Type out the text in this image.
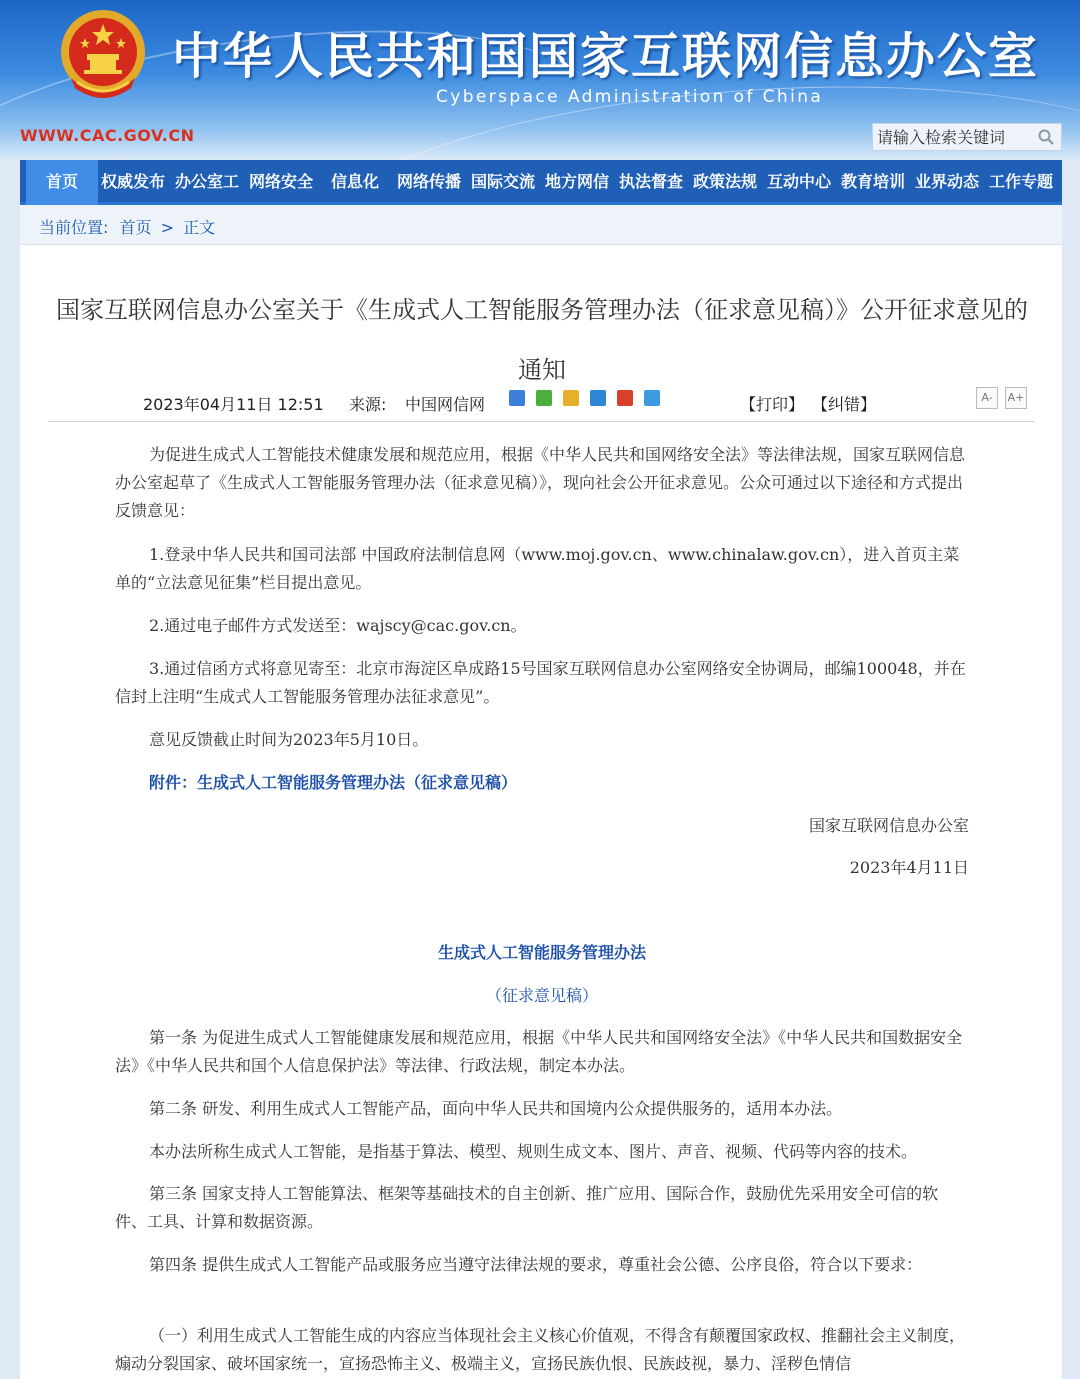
中华人民共和国国家互联网信息办公室
Cyberspace Administration of China
WWW.CAC.GOV.CN
请输入检索关键词
首页	权威发布 办公室工 网络安全 信息化 网络传播 国际交流 地方网信 执法督查 政策法规 互动中心 教育培训 业界动态 工作专题
当前位置: 首页 > 正文
国家互联网信息办公室关于《生成式人工智能服务管理办法（征求意见稿）》公开征求意见的通知
2023年04月11日 12:51 来源: 中国网信网
	【打印】 【纠错】	A-	A+
为促进生成式人工智能技术健康发展和规范应用，根据《中华人民共和国网络安全法》等法律法规，国家互联网信息办公室起草了《生成式人工智能服务管理办法（征求意见稿）》，现向社会公开征求意见。公众可通过以下途径和方式提出反馈意见：
1.登录中华人民共和国司法部 中国政府法制信息网（www.moj.gov.cn、www.chinalaw.gov.cn），进入首页主菜单的“立法意见征集”栏目提出意见。
2.通过电子邮件方式发送至：wajscy@cac.gov.cn。
3.通过信函方式将意见寄至：北京市海淀区阜成路15号国家互联网信息办公室网络安全协调局，邮编100048，并在信封上注明“生成式人工智能服务管理办法征求意见”。
意见反馈截止时间为2023年5月10日。
附件：生成式人工智能服务管理办法（征求意见稿）
国家互联网信息办公室
2023年4月11日
生成式人工智能服务管理办法
（征求意见稿）
第一条 为促进生成式人工智能健康发展和规范应用，根据《中华人民共和国网络安全法》《中华人民共和国数据安全法》《中华人民共和国个人信息保护法》等法律、行政法规，制定本办法。
第二条 研发、利用生成式人工智能产品，面向中华人民共和国境内公众提供服务的，适用本办法。
本办法所称生成式人工智能，是指基于算法、模型、规则生成文本、图片、声音、视频、代码等内容的技术。
第三条 国家支持人工智能算法、框架等基础技术的自主创新、推广应用、国际合作，鼓励优先采用安全可信的软件、工具、计算和数据资源。
第四条 提供生成式人工智能产品或服务应当遵守法律法规的要求，尊重社会公德、公序良俗，符合以下要求：
（一）利用生成式人工智能生成的内容应当体现社会主义核心价值观，不得含有颠覆国家政权、推翻社会主义制度，煽动分裂国家、破坏国家统一，宣扬恐怖主义、极端主义，宣扬民族仇恨、民族歧视，暴力、淫秽色情信
